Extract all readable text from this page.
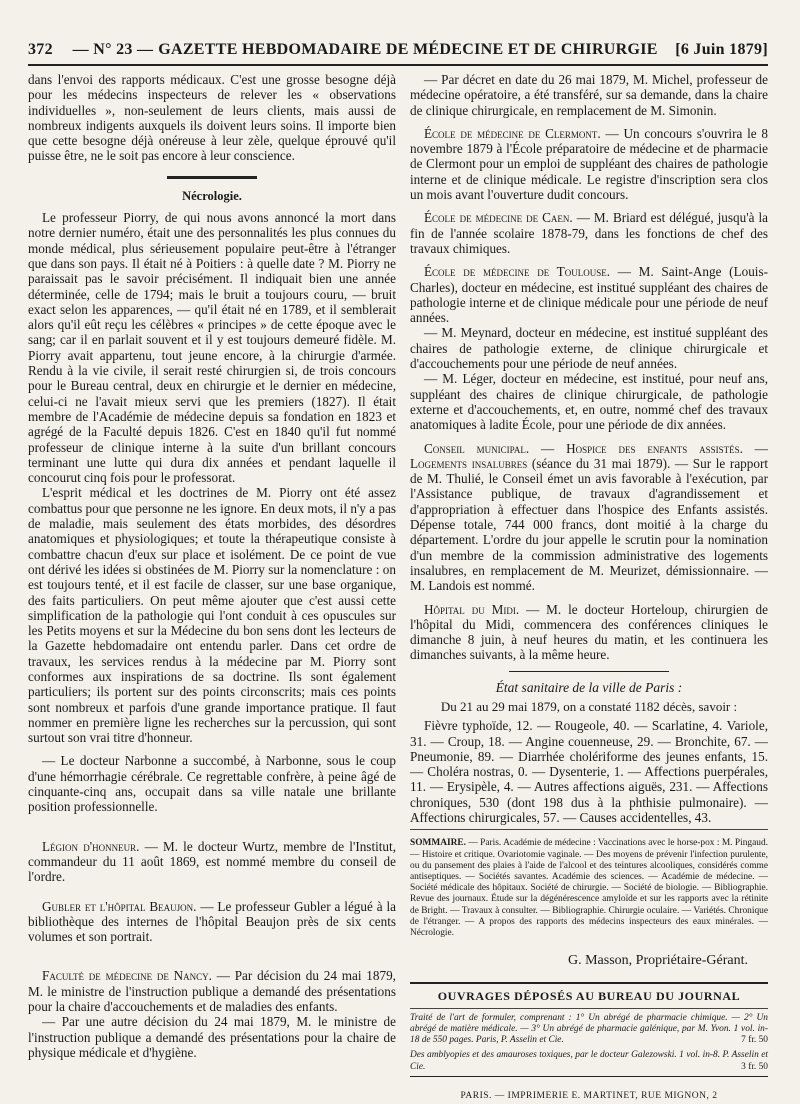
372	— N° 23 — GAZETTE HEBDOMADAIRE DE MÉDECINE ET DE CHIRURGIE	[6 Juin 1879]

dans l'envoi des rapports médicaux. C'est une grosse besogne déjà pour les médecins inspecteurs de relever les « observations individuelles », non-seulement de leurs clients, mais aussi de nombreux indigents auxquels ils doivent leurs soins. Il importe bien que cette besogne déjà onéreuse à leur zèle, quelque éprouvé qu'il puisse être, ne le soit pas encore à leur conscience.

Nécrologie.

Le professeur Piorry, de qui nous avons annoncé la mort dans notre dernier numéro, était une des personnalités les plus connues du monde médical, plus sérieusement populaire peut-être à l'étranger que dans son pays. Il était né à Poitiers : à quelle date ? M. Piorry ne paraissait pas le savoir précisément. Il indiquait bien une année déterminée, celle de 1794; mais le bruit a toujours couru, — bruit exact selon les apparences, — qu'il était né en 1789, et il semblerait alors qu'il eût reçu les célèbres « principes » de cette époque avec le sang; car il en parlait souvent et il y est toujours demeuré fidèle. M. Piorry avait appartenu, tout jeune encore, à la chirurgie d'armée. Rendu à la vie civile, il serait resté chirurgien si, de trois concours pour le Bureau central, deux en chirurgie et le dernier en médecine, celui-ci ne l'avait mieux servi que les premiers (1827). Il était membre de l'Académie de médecine depuis sa fondation en 1823 et agrégé de la Faculté depuis 1826. C'est en 1840 qu'il fut nommé professeur de clinique interne à la suite d'un brillant concours terminant une lutte qui dura dix années et pendant laquelle il concourut cinq fois pour le professorat.

L'esprit médical et les doctrines de M. Piorry ont été assez combattus pour que personne ne les ignore. En deux mots, il n'y a pas de maladie, mais seulement des états morbides, des désordres anatomiques et physiologiques; et toute la thérapeutique consiste à combattre chacun d'eux sur place et isolément. De ce point de vue ont dérivé les idées si obstinées de M. Piorry sur la nomenclature : on est toujours tenté, et il est facile de classer, sur une base organique, des faits particuliers. On peut même ajouter que c'est aussi cette simplification de la pathologie qui l'ont conduit à ces opuscules sur les Petits moyens et sur la Médecine du bon sens dont les lecteurs de la Gazette hebdomadaire ont entendu parler. Dans cet ordre de travaux, les services rendus à la médecine par M. Piorry sont conformes aux inspirations de sa doctrine. Ils sont également particuliers; ils portent sur des points circonscrits; mais ces points sont nombreux et parfois d'une grande importance pratique. Il faut nommer en première ligne les recherches sur la percussion, qui sont surtout son vrai titre d'honneur.

— Le docteur Narbonne a succombé, à Narbonne, sous le coup d'une hémorrhagie cérébrale. Ce regrettable confrère, à peine âgé de cinquante-cinq ans, occupait dans sa ville natale une brillante position professionnelle.

Légion d'honneur. — M. le docteur Wurtz, membre de l'Institut, commandeur du 11 août 1869, est nommé membre du conseil de l'ordre.

Gubler et l'hôpital Beaujon. — Le professeur Gubler a légué à la bibliothèque des internes de l'hôpital Beaujon près de six cents volumes et son portrait.

Faculté de médecine de Nancy. — Par décision du 24 mai 1879, M. le ministre de l'instruction publique a demandé des présentations pour la chaire d'accouchements et de maladies des enfants.

— Par une autre décision du 24 mai 1879, M. le ministre de l'instruction publique a demandé des présentations pour la chaire de physique médicale et d'hygiène.

— Par décret en date du 26 mai 1879, M. Michel, professeur de médecine opératoire, a été transféré, sur sa demande, dans la chaire de clinique chirurgicale, en remplacement de M. Simonin.

École de médecine de Clermont. — Un concours s'ouvrira le 8 novembre 1879 à l'École préparatoire de médecine et de pharmacie de Clermont pour un emploi de suppléant des chaires de pathologie interne et de clinique médicale. Le registre d'inscription sera clos un mois avant l'ouverture dudit concours.

École de médecine de Caen. — M. Briard est délégué, jusqu'à la fin de l'année scolaire 1878-79, dans les fonctions de chef des travaux chimiques.

École de médecine de Toulouse. — M. Saint-Ange (Louis-Charles), docteur en médecine, est institué suppléant des chaires de pathologie interne et de clinique médicale pour une période de neuf années.

— M. Meynard, docteur en médecine, est institué suppléant des chaires de pathologie externe, de clinique chirurgicale et d'accouchements pour une période de neuf années.

— M. Léger, docteur en médecine, est institué, pour neuf ans, suppléant des chaires de clinique chirurgicale, de pathologie externe et d'accouchements, et, en outre, nommé chef des travaux anatomiques à ladite École, pour une période de dix années.

Conseil municipal. — Hospice des enfants assistés. — Logements insalubres (séance du 31 mai 1879). — Sur le rapport de M. Thulié, le Conseil émet un avis favorable à l'exécution, par l'Assistance publique, de travaux d'agrandissement et d'appropriation à effectuer dans l'hospice des Enfants assistés. Dépense totale, 744 000 francs, dont moitié à la charge du département. L'ordre du jour appelle le scrutin pour la nomination d'un membre de la commission administrative des logements insalubres, en remplacement de M. Meurizet, démissionnaire. — M. Landois est nommé.

Hôpital du Midi. — M. le docteur Horteloup, chirurgien de l'hôpital du Midi, commencera des conférences cliniques le dimanche 8 juin, à neuf heures du matin, et les continuera les dimanches suivants, à la même heure.

État sanitaire de la ville de Paris :
Du 21 au 29 mai 1879, on a constaté 1182 décès, savoir :

Fièvre typhoïde, 12. — Rougeole, 40. — Scarlatine, 4. Variole, 31. — Croup, 18. — Angine couenneuse, 29. — Bronchite, 67. — Pneumonie, 89. — Diarrhée cholériforme des jeunes enfants, 15. — Choléra nostras, 0. — Dysenterie, 1. — Affections puerpérales, 11. — Erysipèle, 4. — Autres affections aiguës, 231. — Affections chroniques, 530 (dont 198 dus à la phthisie pulmonaire). — Affections chirurgicales, 57. — Causes accidentelles, 43.

SOMMAIRE. — Paris. Académie de médecine : Vaccinations avec le horse-pox : M. Pingaud. — Histoire et critique. Ovariotomie vaginale. — Des moyens de prévenir l'infection purulente, ou du pansement des plaies à l'aide de l'alcool et des teintures alcooliques, considérés comme antiseptiques. — Sociétés savantes. Académie des sciences. — Académie de médecine. — Société médicale des hôpitaux. Société de chirurgie. — Société de biologie. — Bibliographie. Revue des journaux. Étude sur la dégénérescence amyloïde et sur les rapports avec la rétinite de Bright. — Travaux à consulter. — Bibliographie. Chirurgie oculaire. — Variétés. Chronique de l'étranger. — A propos des rapports des médecins inspecteurs des eaux minérales. — Nécrologie.
G. Masson, Propriétaire-Gérant.
OUVRAGES DÉPOSÉS AU BUREAU DU JOURNAL
Traité de l'art de formuler, comprenant : 1° Un abrégé de pharmacie chimique. — 2° Un abrégé de matière médicale. — 3° Un abrégé de pharmacie galénique, par M. Yvon. 1 vol. in-18 de 550 pages. Paris, P. Asselin et Cie.	7 fr. 50
Des amblyopies et des amauroses toxiques, par le docteur Galezowski. 1 vol. in-8. P. Asselin et Cie.	3 fr. 50
PARIS. — IMPRIMERIE E. MARTINET, RUE MIGNON, 2
